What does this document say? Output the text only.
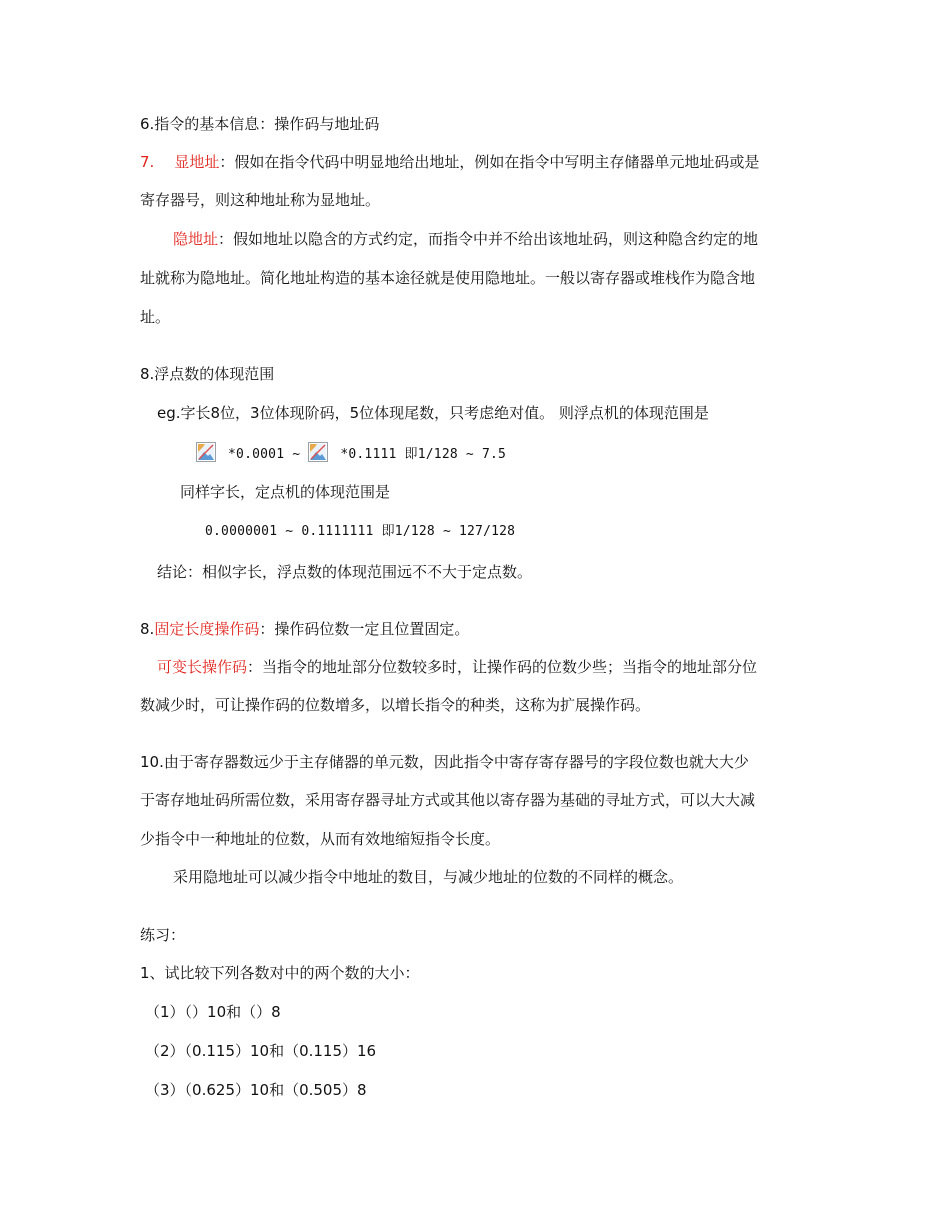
6.指令的基本信息：操作码与地址码
7. 显地址：假如在指令代码中明显地给出地址，例如在指令中写明主存储器单元地址码或是
寄存器号，则这种地址称为显地址。
隐地址：假如地址以隐含的方式约定，而指令中并不给出该地址码，则这种隐含约定的地
址就称为隐地址。简化地址构造的基本途径就是使用隐地址。一般以寄存器或堆栈作为隐含地
址。
8.浮点数的体现范围
eg.字长8位，3位体现阶码，5位体现尾数，只考虑绝对值。 则浮点机的体现范围是
*0.0001 ~	*0.1111 即1/128 ~ 7.5
同样字长，定点机的体现范围是
0.0000001 ~ 0.1111111 即1/128 ~ 127/128
结论：相似字长，浮点数的体现范围远不不大于定点数。
8.固定长度操作码：操作码位数一定且位置固定。
可变长操作码：当指令的地址部分位数较多时，让操作码的位数少些；当指令的地址部分位
数减少时，可让操作码的位数增多，以增长指令的种类，这称为扩展操作码。
10.由于寄存器数远少于主存储器的单元数，因此指令中寄存寄存器号的字段位数也就大大少
于寄存地址码所需位数，采用寄存器寻址方式或其他以寄存器为基础的寻址方式，可以大大减
少指令中一种地址的位数，从而有效地缩短指令长度。
采用隐地址可以减少指令中地址的数目，与减少地址的位数的不同样的概念。
练习：
1、试比较下列各数对中的两个数的大小：
（1）（）10和（）8
（2）（0.115）10和（0.115）16
（3）（0.625）10和（0.505）8
